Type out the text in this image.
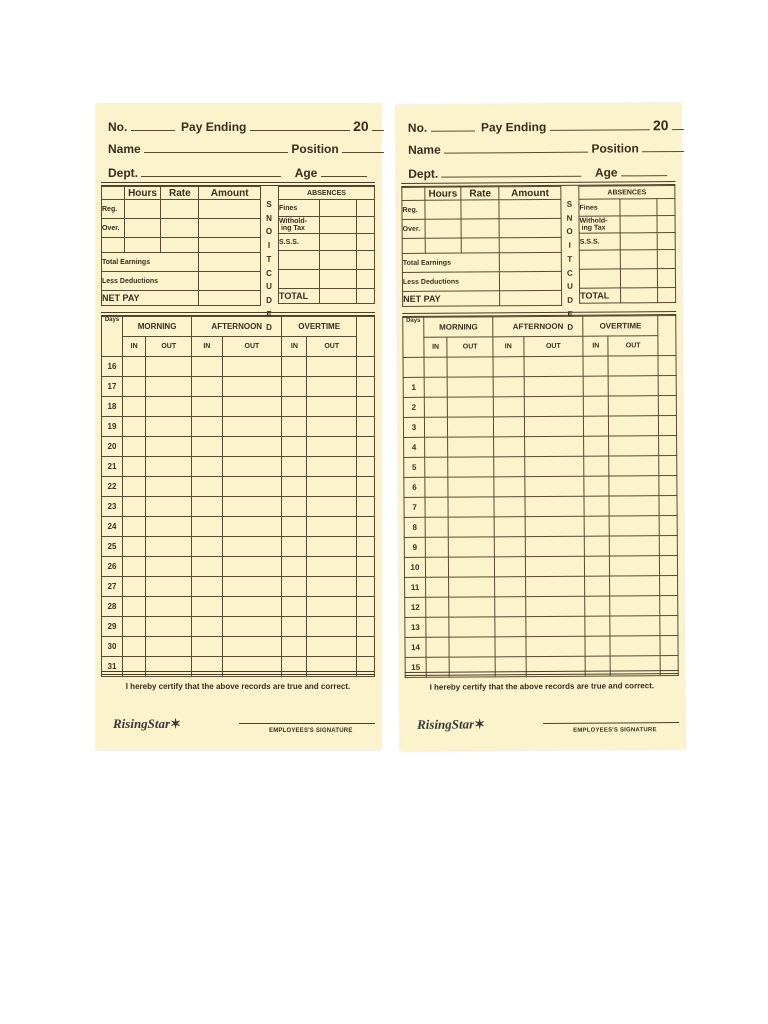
No.	Pay Ending	20
Name	Position
Dept.	Age
	Hours	Rate	Amount
Reg.			
Over.			

Total Earnings			
Less Deductions			
NET PAY			
S
N
O
I
T
C
U
D
E
D
ABSENCES		
Fines		
Withold-
ing Tax		
S.S.S.		

TOTAL		
Days	MORNING		AFTERNOON		OVERTIME		
	IN	OUT	IN	OUT	IN	OUT	
16							
17							
18							
19							
20							
21							
22							
23							
24							
25							
26							
27							
28							
29							
30							
31							
I hereby certify that the above records are true and correct.
RisingStar✶	EMPLOYEES'S SIGNATURE
No.	Pay Ending	20
Name	Position
Dept.	Age
	Hours	Rate	Amount
Reg.			
Over.			

Total Earnings			
Less Deductions			
NET PAY			
S
N
O
I
T
C
U
D
E
D
ABSENCES		
Fines		
Withold-
ing Tax		
S.S.S.		

TOTAL		
Days	MORNING		AFTERNOON		OVERTIME		
	IN	OUT	IN	OUT	IN	OUT	

1							
2							
3							
4							
5							
6							
7							
8							
9							
10							
11							
12							
13							
14							
15							
I hereby certify that the above records are true and correct.
RisingStar✶	EMPLOYEES'S SIGNATURE
